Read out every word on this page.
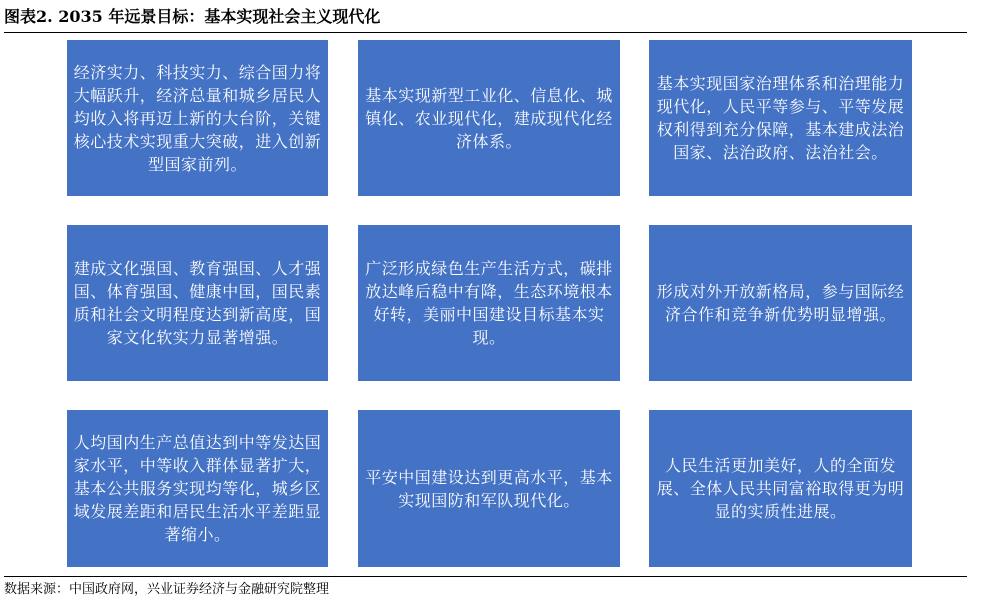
图表2. 2035 年远景目标：基本实现社会主义现代化
经济实力、科技实力、综合国力将大幅跃升，经济总量和城乡居民人均收入将再迈上新的大台阶，关键核心技术实现重大突破，进入创新型国家前列。
基本实现新型工业化、信息化、城镇化、农业现代化，建成现代化经济体系。
基本实现国家治理体系和治理能力现代化，人民平等参与、平等发展权利得到充分保障，基本建成法治国家、法治政府、法治社会。
建成文化强国、教育强国、人才强国、体育强国、健康中国，国民素质和社会文明程度达到新高度，国家文化软实力显著增强。
广泛形成绿色生产生活方式，碳排放达峰后稳中有降，生态环境根本好转，美丽中国建设目标基本实现。
形成对外开放新格局，参与国际经济合作和竞争新优势明显增强。
人均国内生产总值达到中等发达国家水平，中等收入群体显著扩大，基本公共服务实现均等化，城乡区域发展差距和居民生活水平差距显著缩小。
平安中国建设达到更高水平，基本实现国防和军队现代化。
人民生活更加美好，人的全面发展、全体人民共同富裕取得更为明显的实质性进展。
数据来源：中国政府网，兴业证券经济与金融研究院整理
